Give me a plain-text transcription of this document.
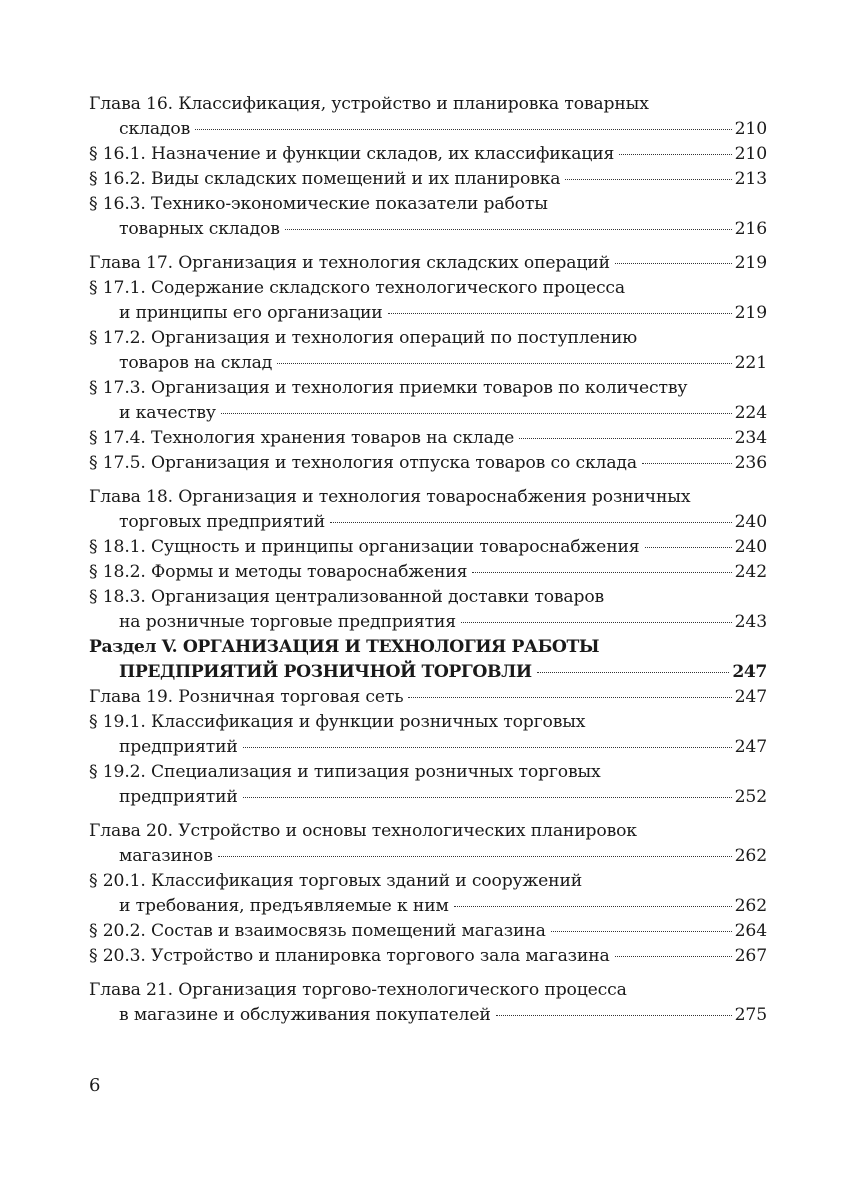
Глава 16. Классификация, устройство и планировка товарных
складов	210
§ 16.1. Назначение и функции складов, их классификация	210
§ 16.2. Виды складских помещений и их планировка	213
§ 16.3. Технико-экономические показатели работы
товарных складов	216
Глава 17. Организация и технология складских операций	219
§ 17.1. Содержание складского технологического процесса
и принципы его организации	219
§ 17.2. Организация и технология операций по поступлению
товаров на склад	221
§ 17.3. Организация и технология приемки товаров по количеству
и качеству	224
§ 17.4. Технология хранения товаров на складе	234
§ 17.5. Организация и технология отпуска товаров со склада	236
Глава 18. Организация и технология товароснабжения розничных
торговых предприятий	240
§ 18.1. Сущность и принципы организации товароснабжения	240
§ 18.2. Формы и методы товароснабжения	242
§ 18.3. Организация централизованной доставки товаров
на розничные торговые предприятия	243
Раздел V. ОРГАНИЗАЦИЯ И ТЕХНОЛОГИЯ РАБОТЫ
ПРЕДПРИЯТИЙ РОЗНИЧНОЙ ТОРГОВЛИ	247
Глава 19. Розничная торговая сеть	247
§ 19.1. Классификация и функции розничных торговых
предприятий	247
§ 19.2. Специализация и типизация розничных торговых
предприятий	252
Глава 20. Устройство и основы технологических планировок
магазинов	262
§ 20.1. Классификация торговых зданий и сооружений
и требования, предъявляемые к ним	262
§ 20.2. Состав и взаимосвязь помещений магазина	264
§ 20.3. Устройство и планировка торгового зала магазина	267
Глава 21. Организация торгово-технологического процесса
в магазине и обслуживания покупателей	275
6
